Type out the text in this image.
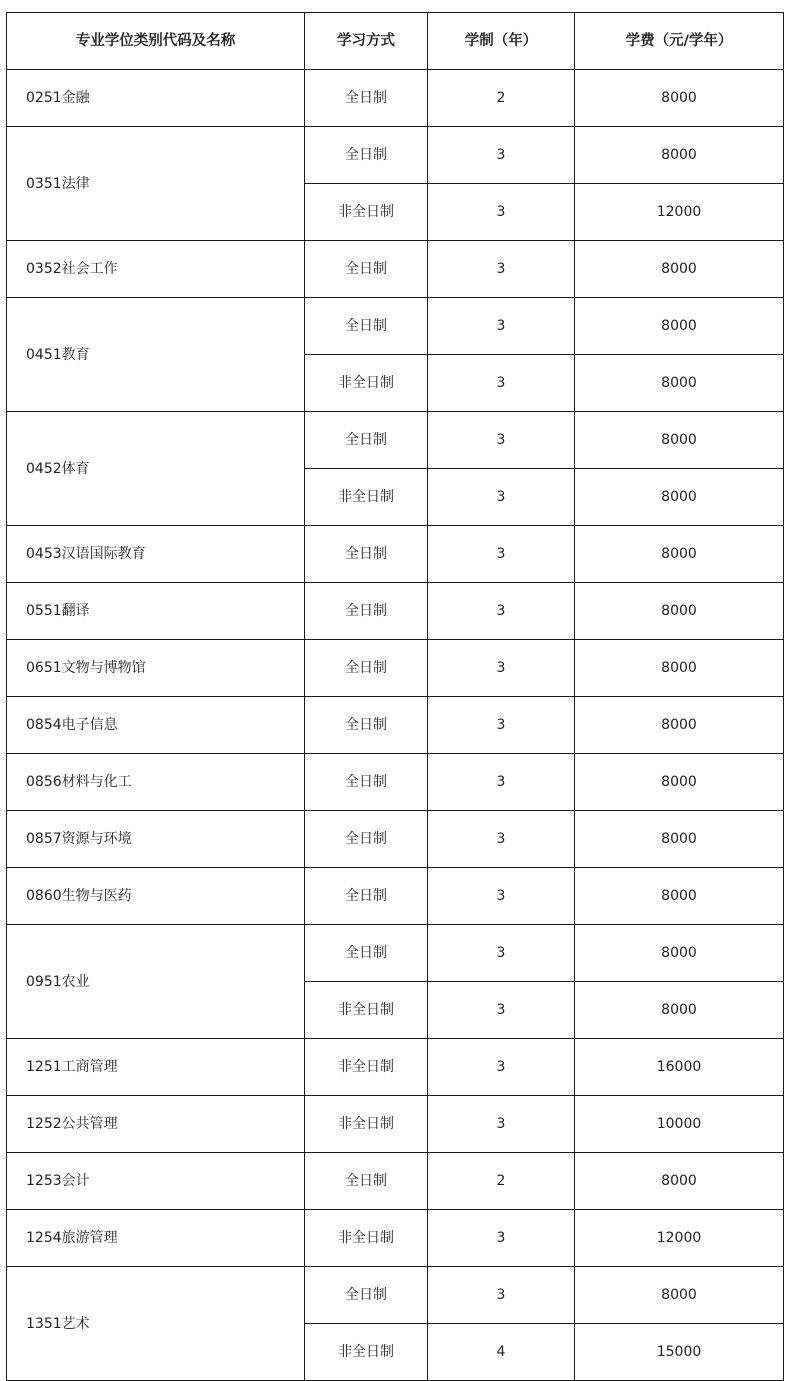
专业学位类别代码及名称	学习方式	学制（年）	学费（元/学年）
0251金融	全日制	2	8000
0351法律	全日制	3	8000
	非全日制	3	12000
0352社会工作	全日制	3	8000
0451教育	全日制	3	8000
	非全日制	3	8000
0452体育	全日制	3	8000
	非全日制	3	8000
0453汉语国际教育	全日制	3	8000
0551翻译	全日制	3	8000
0651文物与博物馆	全日制	3	8000
0854电子信息	全日制	3	8000
0856材料与化工	全日制	3	8000
0857资源与环境	全日制	3	8000
0860生物与医药	全日制	3	8000
0951农业	全日制	3	8000
	非全日制	3	8000
1251工商管理	非全日制	3	16000
1252公共管理	非全日制	3	10000
1253会计	全日制	2	8000
1254旅游管理	非全日制	3	12000
1351艺术	全日制	3	8000
	非全日制	4	15000
